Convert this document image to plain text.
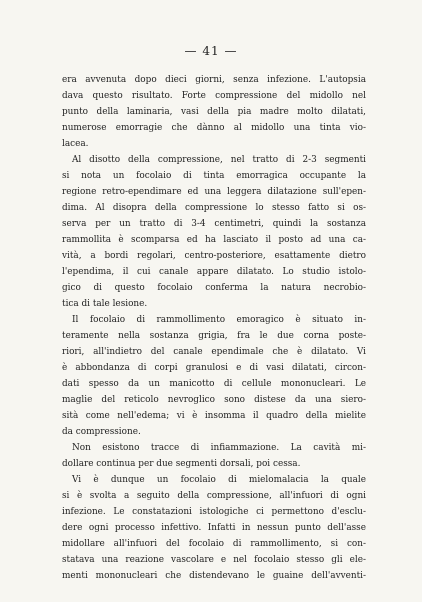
— 41 —
era avvenuta dopo dieci giorni, senza infezione. L'autopsia
dava questo risultato. Forte compressione del midollo nel
punto della laminaria, vasi della pia madre molto dilatati,
numerose emorragie che dànno al midollo una tinta vio-
lacea.
Al disotto della compressione, nel tratto di 2-3 segmenti
si nota un focolaio di tinta emorragica occupante la
regione retro-ependimare ed una leggera dilatazione sull'epen-
dima. Al disopra della compressione lo stesso fatto si os-
serva per un tratto di 3-4 centimetri, quindi la sostanza
rammollita è scomparsa ed ha lasciato il posto ad una ca-
vità, a bordi regolari, centro-posteriore, esattamente dietro
l'ependima, il cui canale appare dilatato. Lo studio istolo-
gico di questo focolaio conferma la natura necrobio-
tica di tale lesione.
Il focolaio di rammollimento emoragico è situato in-
teramente nella sostanza grigia, fra le due corna poste-
riori, all'indietro del canale ependimale che è dilatato. Vi
è abbondanza di corpi granulosi e di vasi dilatati, circon-
dati spesso da un manicotto di cellule mononucleari. Le
maglie del reticolo nevroglico sono distese da una siero-
sità come nell'edema; vi è insomma il quadro della mielite
da compressione.
Non esistono tracce di infiammazione. La cavità mi-
dollare continua per due segmenti dorsali, poi cessa.
Vi è dunque un focolaio di mielomalacia la quale
si è svolta a seguito della compressione, all'infuori di ogni
infezione. Le constatazioni istologiche ci permettono d'esclu-
dere ogni processo infettivo. Infatti in nessun punto dell'asse
midollare all'infuori del focolaio di rammollimento, si con-
statava una reazione vascolare e nel focolaio stesso gli ele-
menti mononucleari che distendevano le guaine dell'avventi-
